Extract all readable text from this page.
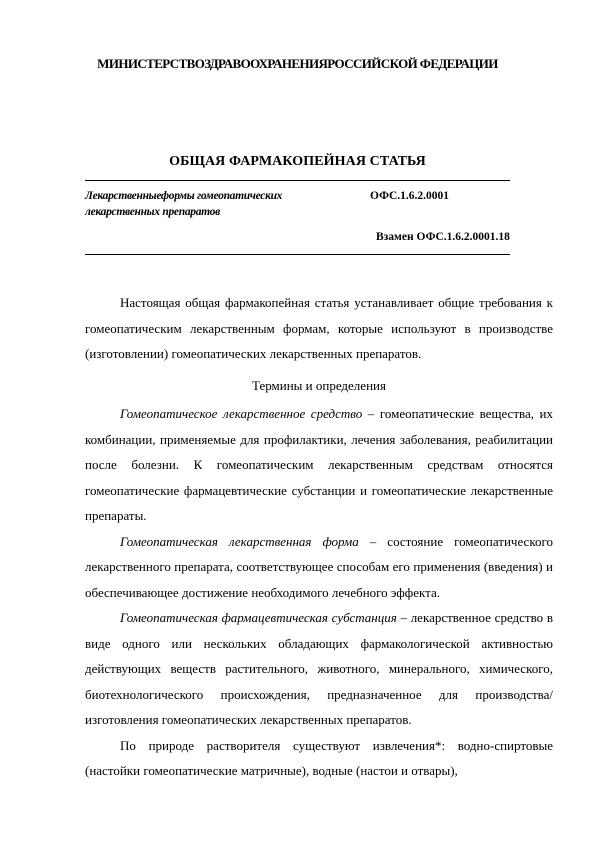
МИНИСТЕРСТВОЗДРАВООХРАНЕНИЯРОССИЙСКОЙ ФЕДЕРАЦИИ
ОБЩАЯ ФАРМАКОПЕЙНАЯ СТАТЬЯ
Лекарственныеформы гомеопатических
лекарственных препаратов
ОФС.1.6.2.0001
Взамен ОФС.1.6.2.0001.18

Настоящая общая фармакопейная статья устанавливает общие требования к гомеопатическим лекарственным формам, которые используют в производстве (изготовлении) гомеопатических лекарственных препаратов.

Термины и определения

Гомеопатическое лекарственное средство – гомеопатические вещества, их комбинации, применяемые для профилактики, лечения заболевания, реабилитации после болезни. К гомеопатическим лекарственным средствам относятся гомеопатические фармацевтические субстанции и гомеопатические лекарственные препараты.

Гомеопатическая лекарственная форма – состояние гомеопатического лекарственного препарата, соответствующее способам его применения (введения) и обеспечивающее достижение необходимого лечебного эффекта.

Гомеопатическая фармацевтическая субстанция – лекарственное средство в виде одного или нескольких обладающих фармакологической активностью действующих веществ растительного, животного, минерального, химического, биотехнологического происхождения, предназначенное для производства/изготовления гомеопатических лекарственных препаратов.

По природе растворителя существуют извлечения*: водно-спиртовые (настойки гомеопатические матричные), водные (настои и отвары),
